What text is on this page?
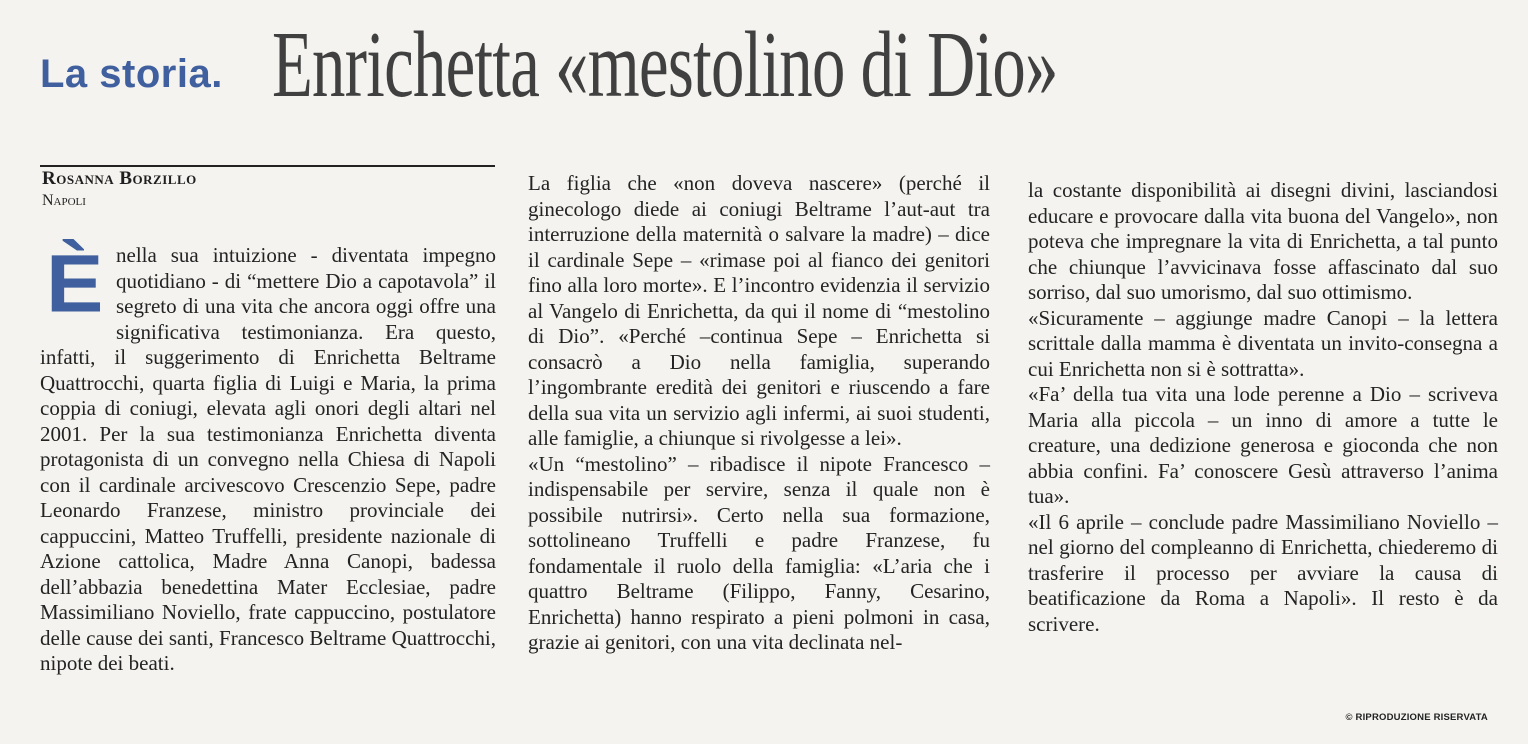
La storia. Enrichetta «mestolino di Dio»
Rosanna Borzillo
Napoli
È nella sua intuizione - diventata impegno quotidiano - di “mettere Dio a capotavola” il segreto di una vita che ancora oggi offre una significativa testimonianza. Era questo, infatti, il suggerimento di Enrichetta Beltrame Quattrocchi, quarta figlia di Luigi e Maria, la prima coppia di coniugi, elevata agli onori degli altari nel 2001. Per la sua testimonianza Enrichetta diventa protagonista di un convegno nella Chiesa di Napoli con il cardinale arcivescovo Crescenzio Sepe, padre Leonardo Franzese, ministro provinciale dei cappuccini, Matteo Truffelli, presidente nazionale di Azione cattolica, Madre Anna Canopi, badessa dell’abbazia benedettina Mater Ecclesiae, padre Massimiliano Noviello, frate cappuccino, postulatore delle cause dei santi, Francesco Beltrame Quattrocchi, nipote dei beati.

La figlia che «non doveva nascere» (perché il ginecologo diede ai coniugi Beltrame l’aut-aut tra interruzione della maternità o salvare la madre) – dice il cardinale Sepe – «rimase poi al fianco dei genitori fino alla loro morte». E l’incontro evidenzia il servizio al Vangelo di Enrichetta, da qui il nome di “mestolino di Dio”. «Perché –continua Sepe – Enrichetta si consacrò a Dio nella famiglia, superando l’ingombrante eredità dei genitori e riuscendo a fare della sua vita un servizio agli infermi, ai suoi studenti, alle famiglie, a chiunque si rivolgesse a lei».

«Un “mestolino” – ribadisce il nipote Francesco – indispensabile per servire, senza il quale non è possibile nutrirsi». Certo nella sua formazione, sottolineano Truffelli e padre Franzese, fu fondamentale il ruolo della famiglia: «L’aria che i quattro Beltrame (Filippo, Fanny, Cesarino, Enrichetta) hanno respirato a pieni polmoni in casa, grazie ai genitori, con una vita declinata nel-

la costante disponibilità ai disegni divini, lasciandosi educare e provocare dalla vita buona del Vangelo», non poteva che impregnare la vita di Enrichetta, a tal punto che chiunque l’avvicinava fosse affascinato dal suo sorriso, dal suo umorismo, dal suo ottimismo.

«Sicuramente – aggiunge madre Canopi – la lettera scrittale dalla mamma è diventata un invito-consegna a cui Enrichetta non si è sottratta».

«Fa’ della tua vita una lode perenne a Dio – scriveva Maria alla piccola – un inno di amore a tutte le creature, una dedizione generosa e gioconda che non abbia confini. Fa’ conoscere Gesù attraverso l’anima tua».

«Il 6 aprile – conclude padre Massimiliano Noviello – nel giorno del compleanno di Enrichetta, chiederemo di trasferire il processo per avviare la causa di beatificazione da Roma a Napoli». Il resto è da scrivere.

© RIPRODUZIONE RISERVATA
